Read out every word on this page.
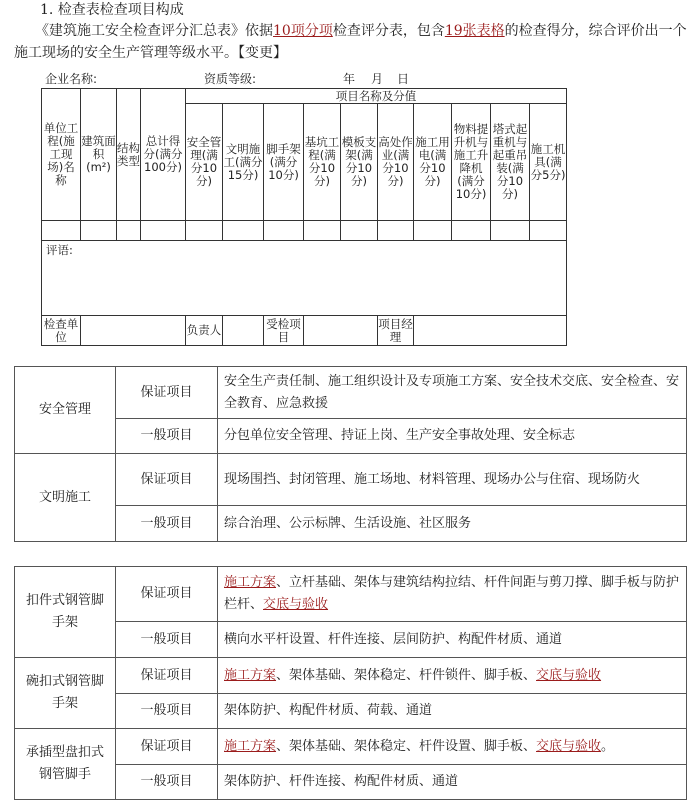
1. 检查表检查项目构成
《建筑施工安全检查评分汇总表》依据10项分项检查评分表，包含19张表格的检查得分，综合评价出一个施工现场的安全生产管理等级水平。【变更】
企业名称:	资质等级:	年 月 日
单位工程(施工现场)名称	建筑面积(m²)	结构类型	总计得分(满分100分)	项目名称及分值									
				安全管理(满分10分)	文明施工(满分15分)	脚手架(满分10分)	基坑工程(满分10分)	模板支架(满分10分)	高处作业(满分10分)	施工用电(满分10分)	物料提升机与施工升降机(满分10分)	塔式起重机与起重吊装(满分10分)	施工机具(满分5分)

评语:													
检查单位				负责人		受检项目			项目经理				
安全管理	保证项目	安全生产责任制、施工组织设计及专项施工方案、安全技术交底、安全检查、安全教育、应急救援
	一般项目	分包单位安全管理、持证上岗、生产安全事故处理、安全标志
文明施工	保证项目	现场围挡、封闭管理、施工场地、材料管理、现场办公与住宿、现场防火
	一般项目	综合治理、公示标牌、生活设施、社区服务
扣件式钢管脚手架	保证项目	施工方案、立杆基础、架体与建筑结构拉结、杆件间距与剪刀撑、脚手板与防护栏杆、交底与验收
	一般项目	横向水平杆设置、杆件连接、层间防护、构配件材质、通道
碗扣式钢管脚手架	保证项目	施工方案、架体基础、架体稳定、杆件锁件、脚手板、交底与验收
	一般项目	架体防护、构配件材质、荷载、通道
承插型盘扣式钢管脚手	保证项目	施工方案、架体基础、架体稳定、杆件设置、脚手板、交底与验收。
	一般项目	架体防护、杆件连接、构配件材质、通道
